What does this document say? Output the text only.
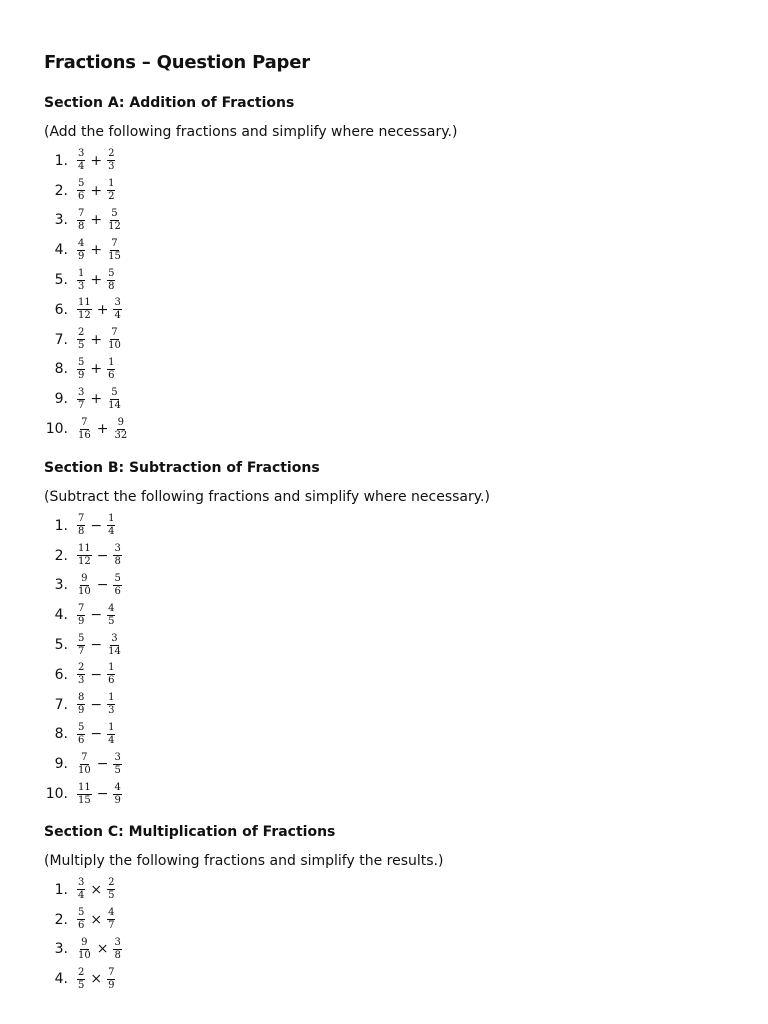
Fractions – Question Paper
Section A: Addition of Fractions

(Add the following fractions and simplify where necessary.)

1. $\frac{3}{4} + \frac{2}{3}$
2. $\frac{5}{6} + \frac{1}{2}$
3. $\frac{7}{8} + \frac{5}{12}$
4. $\frac{4}{9} + \frac{7}{15}$
5. $\frac{1}{3} + \frac{5}{8}$
6. $\frac{11}{12} + \frac{3}{4}$
7. $\frac{2}{5} + \frac{7}{10}$
8. $\frac{5}{9} + \frac{1}{6}$
9. $\frac{3}{7} + \frac{5}{14}$
10. $\frac{7}{16} + \frac{9}{32}$
Section B: Subtraction of Fractions

(Subtract the following fractions and simplify where necessary.)

1. $\frac{7}{8} - \frac{1}{4}$
2. $\frac{11}{12} - \frac{3}{8}$
3. $\frac{9}{10} - \frac{5}{6}$
4. $\frac{7}{9} - \frac{4}{5}$
5. $\frac{5}{7} - \frac{3}{14}$
6. $\frac{2}{3} - \frac{1}{6}$
7. $\frac{8}{9} - \frac{1}{3}$
8. $\frac{5}{6} - \frac{1}{4}$
9. $\frac{7}{10} - \frac{3}{5}$
10. $\frac{11}{15} - \frac{4}{9}$
Section C: Multiplication of Fractions

(Multiply the following fractions and simplify the results.)

1. $\frac{3}{4} \times \frac{2}{5}$
2. $\frac{5}{6} \times \frac{4}{7}$
3. $\frac{9}{10} \times \frac{3}{8}$
4. $\frac{2}{5} \times \frac{7}{9}$
